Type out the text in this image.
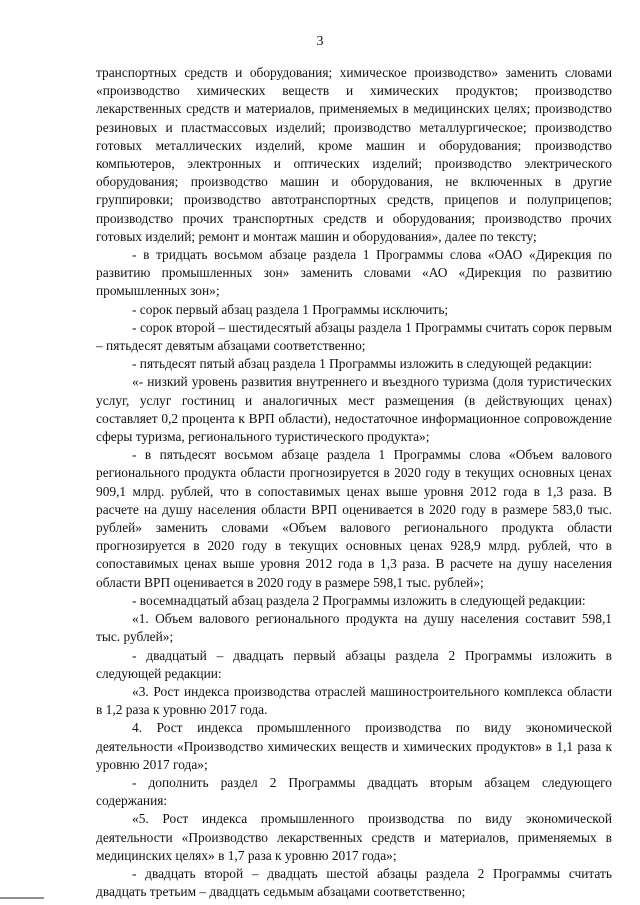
3

транспортных средств и оборудования; химическое производство» заменить словами «производство химических веществ и химических продуктов; производство лекарственных средств и материалов, применяемых в медицинских целях; производство резиновых и пластмассовых изделий; производство металлургическое; производство готовых металлических изделий, кроме машин и оборудования; производство компьютеров, электронных и оптических изделий; производство электрического оборудования; производство машин и оборудования, не включенных в другие группировки; производство автотранспортных средств, прицепов и полуприцепов; производство прочих транспортных средств и оборудования; производство прочих готовых изделий; ремонт и монтаж машин и оборудования», далее по тексту;

- в тридцать восьмом абзаце раздела 1 Программы слова «ОАО «Дирекция по развитию промышленных зон» заменить словами «АО «Дирекция по развитию промышленных зон»;

- сорок первый абзац раздела 1 Программы исключить;

- сорок второй – шестидесятый абзацы раздела 1 Программы считать сорок первым – пятьдесят девятым абзацами соответственно;

- пятьдесят пятый абзац раздела 1 Программы изложить в следующей редакции:

«- низкий уровень развития внутреннего и въездного туризма (доля туристических услуг, услуг гостиниц и аналогичных мест размещения (в действующих ценах) составляет 0,2 процента к ВРП области), недостаточное информационное сопровождение сферы туризма, регионального туристического продукта»;

- в пятьдесят восьмом абзаце раздела 1 Программы слова «Объем валового регионального продукта области прогнозируется в 2020 году в текущих основных ценах 909,1 млрд. рублей, что в сопоставимых ценах выше уровня 2012 года в 1,3 раза. В расчете на душу населения области ВРП оценивается в 2020 году в размере 583,0 тыс. рублей» заменить словами «Объем валового регионального продукта области прогнозируется в 2020 году в текущих основных ценах 928,9 млрд. рублей, что в сопоставимых ценах выше уровня 2012 года в 1,3 раза. В расчете на душу населения области ВРП оценивается в 2020 году в размере 598,1 тыс. рублей»;

- восемнадцатый абзац раздела 2 Программы изложить в следующей редакции:

«1. Объем валового регионального продукта на душу населения составит 598,1 тыс. рублей»;

- двадцатый – двадцать первый абзацы раздела 2 Программы изложить в следующей редакции:

«3. Рост индекса производства отраслей машиностроительного комплекса области в 1,2 раза к уровню 2017 года.

4. Рост индекса промышленного производства по виду экономической деятельности «Производство химических веществ и химических продуктов» в 1,1 раза к уровню 2017 года»;

- дополнить раздел 2 Программы двадцать вторым абзацем следующего содержания:

«5. Рост индекса промышленного производства по виду экономической деятельности «Производство лекарственных средств и материалов, применяемых в медицинских целях» в 1,7 раза к уровню 2017 года»;

- двадцать второй – двадцать шестой абзацы раздела 2 Программы считать двадцать третьим – двадцать седьмым абзацами соответственно;
